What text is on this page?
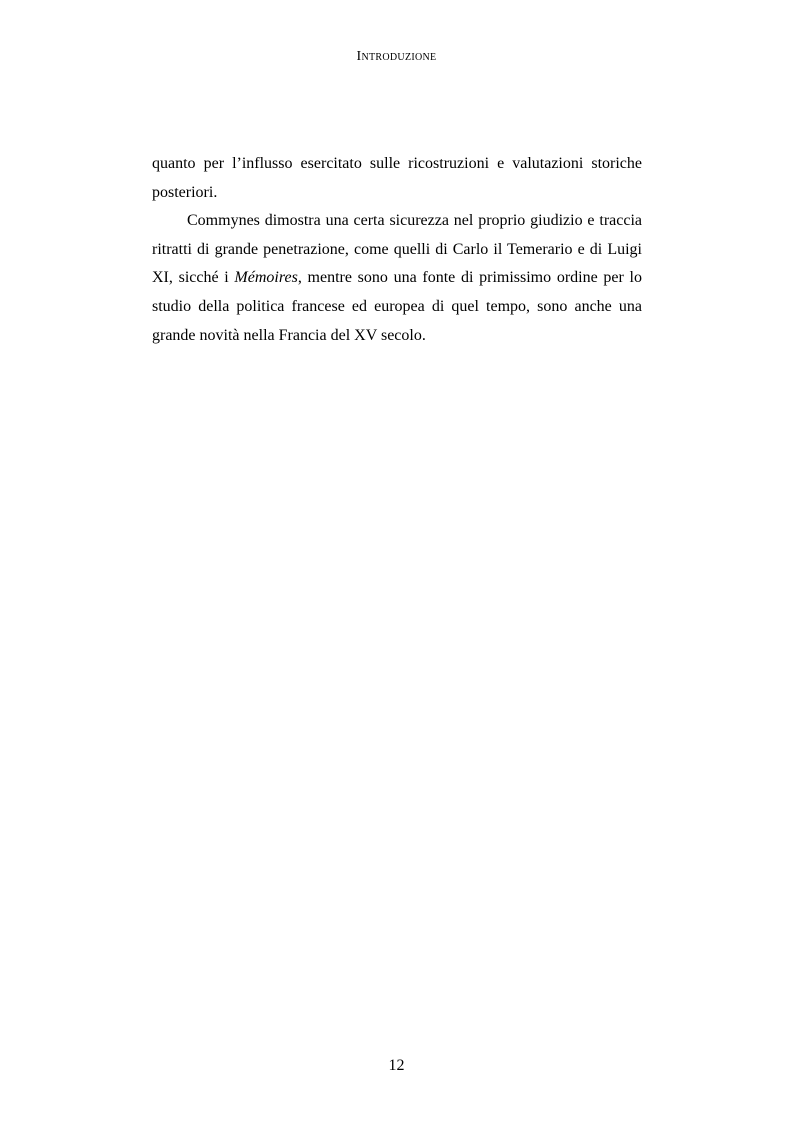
Introduzione

quanto per l’influsso esercitato sulle ricostruzioni e valutazioni storiche posteriori.

Commynes dimostra una certa sicurezza nel proprio giudizio e traccia ritratti di grande penetrazione, come quelli di Carlo il Temerario e di Luigi XI, sicché i Mémoires, mentre sono una fonte di primissimo ordine per lo studio della politica francese ed europea di quel tempo, sono anche una grande novità nella Francia del XV secolo.

12
